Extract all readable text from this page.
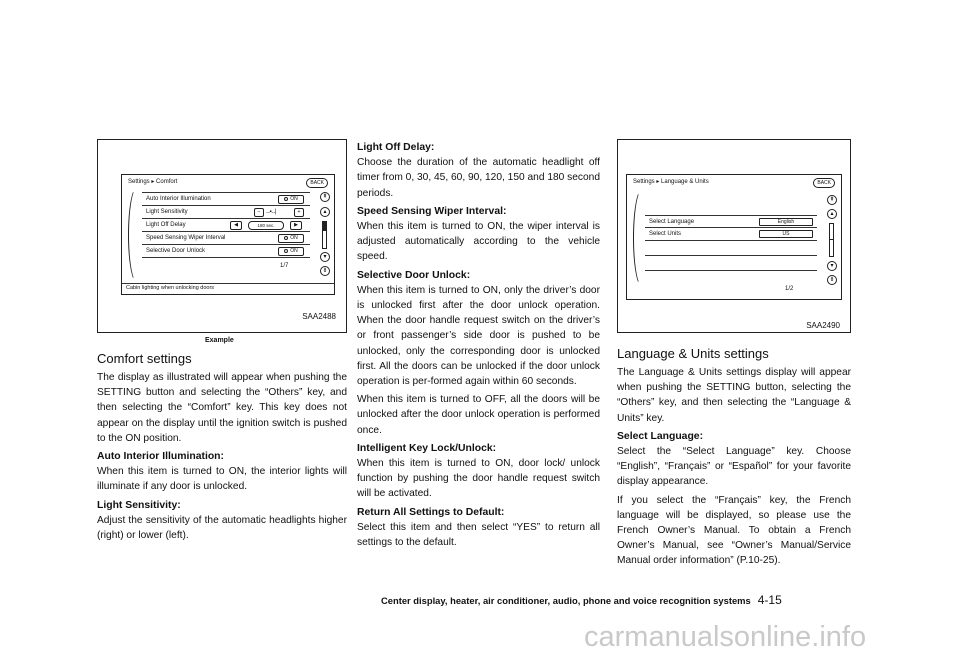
Settings ▸ Comfort	BACK
Auto Interior Illumination	ON
Light Sensitivity	− ‥▪‥|	+
Light Off Delay	◀	180 sec.	▶
Speed Sensing Wiper Interval	ON
Selective Door Unlock	ON
⇞
▴
▾
⇟
1/7
Cabin lighting when unlocking doors
SAA2488
Example
Settings ▸ Language & Units	BACK
Select Language	English
Select Units	US
⇞
▴
▾
⇟
1/2
SAA2490
Comfort settings

The display as illustrated will appear when pushing the SETTING button and selecting the “Others” key, and then selecting the “Comfort” key. This key does not appear on the display until the ignition switch is pushed to the ON position.

Auto Interior Illumination:

When this item is turned to ON, the interior lights will illuminate if any door is unlocked.

Light Sensitivity:

Adjust the sensitivity of the automatic headlights higher (right) or lower (left).

Light Off Delay:

Choose the duration of the automatic headlight off timer from 0, 30, 45, 60, 90, 120, 150 and 180 second periods.

Speed Sensing Wiper Interval:

When this item is turned to ON, the wiper interval is adjusted automatically according to the vehicle speed.

Selective Door Unlock:

When this item is turned to ON, only the driver’s door is unlocked first after the door unlock operation. When the door handle request switch on the driver’s or front passenger’s side door is pushed to be unlocked, only the corresponding door is unlocked first. All the doors can be unlocked if the door unlock operation is per-formed again within 60 seconds.

When this item is turned to OFF, all the doors will be unlocked after the door unlock operation is performed once.

Intelligent Key Lock/Unlock:

When this item is turned to ON, door lock/ unlock function by pushing the door handle request switch will be activated.

Return All Settings to Default:

Select this item and then select “YES” to return all settings to the default.

Language & Units settings

The Language & Units settings display will appear when pushing the SETTING button, selecting the “Others” key, and then selecting the “Language & Units” key.

Select Language:

Select the “Select Language” key. Choose “English”, “Français” or “Español” for your favorite display appearance.

If you select the “Français” key, the French language will be displayed, so please use the French Owner’s Manual. To obtain a French Owner’s Manual, see “Owner’s Manual/Service Manual order information” (P.10-25).

Center display, heater, air conditioner, audio, phone and voice recognition systems 4-15
carmanualsonline.info
